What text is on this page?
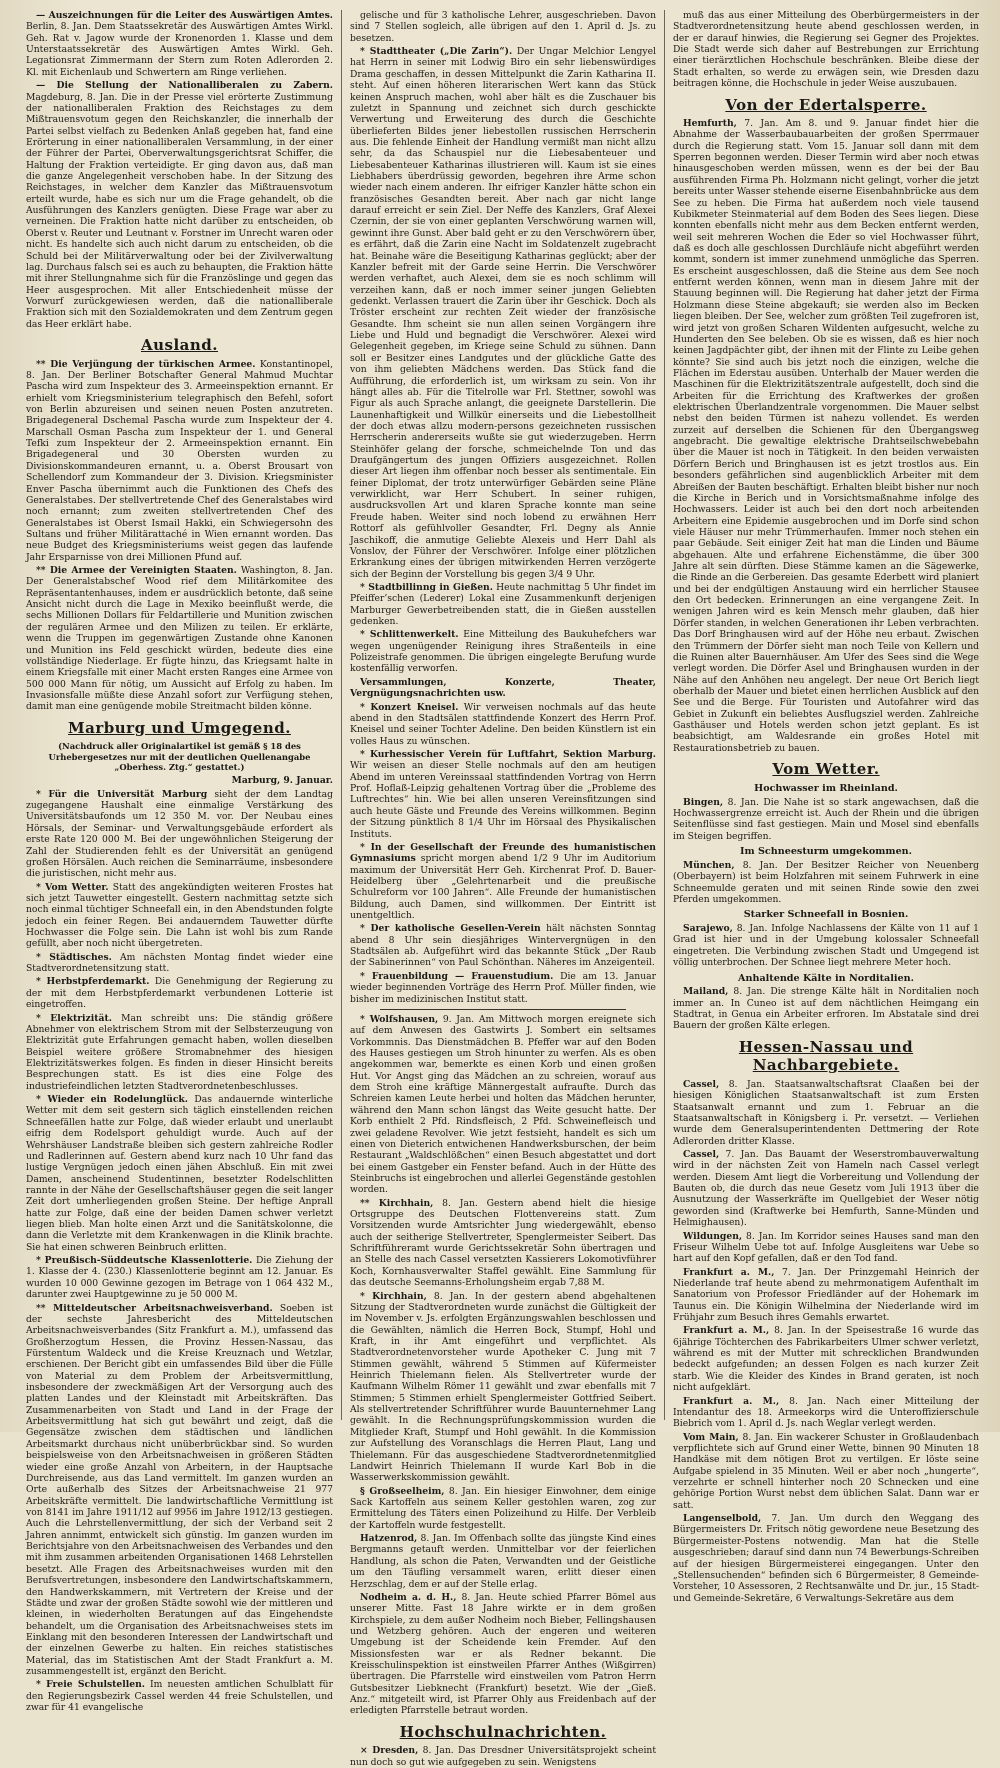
— Auszeichnungen für die Leiter des Auswärtigen Amtes. Berlin, 8. Jan. Dem Staatssekretär des Auswärtigen Amtes Wirkl. Geh. Rat v. Jagow wurde der Kronenorden 1. Klasse und dem Unterstaatssekretär des Auswärtigen Amtes Wirkl. Geh. Legationsrat Zimmermann der Stern zum Roten Adlerorden 2. Kl. mit Eichenlaub und Schwertern am Ringe verliehen.

— Die Stellung der Nationalliberalen zu Zabern. Magdeburg, 8. Jan. Die in der Presse viel erörterte Zustimmung der nationalliberalen Fraktion des Reichstages zu dem Mißtrauensvotum gegen den Reichskanzler, die innerhalb der Partei selbst vielfach zu Bedenken Anlaß gegeben hat, fand eine Erörterung in einer nationalliberalen Versammlung, in der einer der Führer der Partei, Oberverwaltungsgerichtsrat Schiffer, die Haltung der Fraktion verteidigte. Er ging davon aus, daß man die ganze Angelegenheit verschoben habe. In der Sitzung des Reichstages, in welcher dem Kanzler das Mißtrauensvotum erteilt wurde, habe es sich nur um die Frage gehandelt, ob die Ausführungen des Kanzlers genügten. Diese Frage war aber zu verneinen. Die Fraktion hatte nicht darüber zu entscheiden, ob Oberst v. Reuter und Leutnant v. Forstner im Unrecht waren oder nicht. Es handelte sich auch nicht darum zu entscheiden, ob die Schuld bei der Militärverwaltung oder bei der Zivilverwaltung lag. Durchaus falsch sei es auch zu behaupten, die Fraktion hätte mit ihrer Stellungnahme sich für die Französlinge und gegen das Heer ausgesprochen. Mit aller Entschiedenheit müsse der Vorwurf zurückgewiesen werden, daß die nationalliberale Fraktion sich mit den Sozialdemokraten und dem Zentrum gegen das Heer erklärt habe.

Ausland.

** Die Verjüngung der türkischen Armee. Konstantinopel, 8. Jan. Der Berliner Botschafter General Mahmud Muchtar Pascha wird zum Inspekteur des 3. Armeeinspektion ernannt. Er erhielt vom Kriegsministerium telegraphisch den Befehl, sofort von Berlin abzureisen und seinen neuen Posten anzutreten. Brigadegeneral Dschemal Pascha wurde zum Inspekteur der 4. Marschall Osman Pascha zum Inspekteur der 1. und General Tefki zum Inspekteur der 2. Armeeinspektion ernannt. Ein Brigadegeneral und 30 Obersten wurden zu Divisionskommandeuren ernannt, u. a. Oberst Brousart von Schellendorf zum Kommandeur der 3. Division. Kriegsminister Enver Pascha übernimmt auch die Funktionen des Chefs des Generalstabes. Der stellvertretende Chef des Generalstabes wird noch ernannt; zum zweiten stellvertretenden Chef des Generalstabes ist Oberst Ismail Hakki, ein Schwiegersohn des Sultans und früher Militärattaché in Wien ernannt worden. Das neue Budget des Kriegsministeriums weist gegen das laufende Jahr Ersparnisse von drei Millionen Pfund auf.

** Die Armee der Vereinigten Staaten. Washington, 8. Jan. Der Generalstabschef Wood rief dem Militärkomitee des Repräsentantenhauses, indem er ausdrücklich betonte, daß seine Ansicht nicht durch die Lage in Mexiko beeinflußt werde, die sechs Millionen Dollars für Feldartillerie und Munition zwischen der regulären Armee und den Milizen zu teilen. Er erklärte, wenn die Truppen im gegenwärtigen Zustande ohne Kanonen und Munition ins Feld geschickt würden, bedeute dies eine vollständige Niederlage. Er fügte hinzu, das Kriegsamt halte in einem Kriegsfalle mit einer Macht ersten Ranges eine Armee von 500 000 Mann für nötig, um Aussicht auf Erfolg zu haben. Im Invasionsfalle müßte diese Anzahl sofort zur Verfügung stehen, damit man eine genügende mobile Streitmacht bilden könne.

Marburg und Umgegend.
(Nachdruck aller Originalartikel ist gemäß § 18 des Urhebergesetzes nur mit der deutlichen Quellenangabe „Oberhess. Ztg.“ gestattet.)
Marburg, 9. Januar.

* Für die Universität Marburg sieht der dem Landtag zugegangene Haushalt eine einmalige Verstärkung des Universitätsbaufonds um 12 350 M. vor. Der Neubau eines Hörsals, der Seminar- und Verwaltungsgebäude erfordert als erste Rate 120 000 M. Bei der ungewöhnlichen Steigerung der Zahl der Studierenden fehlt es der Universität an genügend großen Hörsälen. Auch reichen die Seminarräume, insbesondere die juristischen, nicht mehr aus.

* Vom Wetter. Statt des angekündigten weiteren Frostes hat sich jetzt Tauwetter eingestellt. Gestern nachmittag setzte sich noch einmal tüchtiger Schneefall ein, in den Abendstunden folgte jedoch ein feiner Regen. Bei andauerndem Tauwetter dürfte Hochwasser die Folge sein. Die Lahn ist wohl bis zum Rande gefüllt, aber noch nicht übergetreten.

* Städtisches. Am nächsten Montag findet wieder eine Stadtverordnetensitzung statt.

* Herbstpferdemarkt. Die Genehmigung der Regierung zu der mit dem Herbstpferdemarkt verbundenen Lotterie ist eingetroffen.

* Elektrizität. Man schreibt uns: Die ständig größere Abnehmer von elektrischem Strom mit der Selbsterzeugung von Elektrizität gute Erfahrungen gemacht haben, wollen dieselben Beispiel weitere größere Stromabnehmer des hiesigen Elektrizitätswerkes folgen. Es finden in dieser Hinsicht bereits Besprechungen statt. Es ist dies eine Folge des industriefeindlichen letzten Stadtverordnetenbeschlusses.

* Wieder ein Rodelunglück. Das andauernde winterliche Wetter mit dem seit gestern sich täglich einstellenden reichen Schneefällen hatte zur Folge, daß wieder erlaubt und unerlaubt eifrig dem Rodelsport gehuldigt wurde. Auch auf der Wehrshäuser Landstraße bleiben sich gestern zahlreiche Rodler und Radlerinnen auf. Gestern abend kurz nach 10 Uhr fand das lustige Vergnügen jedoch einen jähen Abschluß. Ein mit zwei Damen, anscheinend Studentinnen, besetzter Rodelschlitten rannte in der Nähe der Gesellschaftshäuser gegen die seit langer Zeit dort umherliegenden großen Steine. Der heftige Anprall hatte zur Folge, daß eine der beiden Damen schwer verletzt liegen blieb. Man holte einen Arzt und die Sanitätskolonne, die dann die Verletzte mit dem Krankenwagen in die Klinik brachte. Sie hat einen schweren Beinbruch erlitten.

* Preußisch-Süddeutsche Klassenlotterie. Die Ziehung der 1. Klasse der 4. (230.) Klassenlotterie beginnt am 12. Januar. Es wurden 10 000 Gewinne gezogen im Betrage von 1 064 432 M., darunter zwei Hauptgewinne zu je 50 000 M.

** Mitteldeutscher Arbeitsnachweisverband. Soeben ist der sechste Jahresbericht des Mitteldeutschen Arbeitsnachweisverbandes (Sitz Frankfurt a. M.), umfassend das Großherzogtum Hessen, die Provinz Hessen-Nassau, das Fürstentum Waldeck und die Kreise Kreuznach und Wetzlar, erschienen. Der Bericht gibt ein umfassendes Bild über die Fülle von Material zu dem Problem der Arbeitsvermittlung, insbesondere der zweckmäßigen Art der Versorgung auch des platten Landes und der Kleinstadt mit Arbeitskräften. Das Zusammenarbeiten von Stadt und Land in der Frage der Arbeitsvermittlung hat sich gut bewährt und zeigt, daß die Gegensätze zwischen dem städtischen und ländlichen Arbeitsmarkt durchaus nicht unüberbrückbar sind. So wurden beispielsweise von den Arbeitsnachweisen in größeren Städten wieder eine große Anzahl von Arbeitern, in der Hauptsache Durchreisende, aus das Land vermittelt. Im ganzen wurden an Orte außerhalb des Sitzes der Arbeitsnachweise 21 977 Arbeitskräfte vermittelt. Die landwirtschaftliche Vermittlung ist von 8141 im Jahre 1911/12 auf 9956 im Jahre 1912/13 gestiegen. Auch die Lehrstellenvermittlung, der sich der Verband seit 2 Jahren annimmt, entwickelt sich günstig. Im ganzen wurden im Berichtsjahre von den Arbeitsnachweisen des Verbandes und den mit ihm zusammen arbeitenden Organisationen 1468 Lehrstellen besetzt. Alle Fragen des Arbeitsnachweises wurden mit den Berufsvertretungen, insbesondere den Landwirtschaftskammern, den Handwerkskammern, mit Vertretern der Kreise und der Städte und zwar der großen Städte sowohl wie der mittleren und kleinen, in wiederholten Beratungen auf das Eingehendste behandelt, um die Organisation des Arbeitsnachweises stets im Einklang mit den besonderen Interessen der Landwirtschaft und der einzelnen Gewerbe zu halten. Ein reiches statistisches Material, das im Statistischen Amt der Stadt Frankfurt a. M. zusammengestellt ist, ergänzt den Bericht.

* Freie Schulstellen. Im neuesten amtlichen Schulblatt für den Regierungsbezirk Cassel werden 44 freie Schulstellen, und zwar für 41 evangelische

gelische und für 3 katholische Lehrer, ausgeschrieben. Davon sind 7 Stellen sogleich, alle übrigen auf den 1. April d. Js. zu besetzen.

* Stadttheater („Die Zarin“). Der Ungar Melchior Lengyel hat Herrn in seiner mit Lodwig Biro ein sehr liebenswürdiges Drama geschaffen, in dessen Mittelpunkt die Zarin Katharina II. steht. Auf einen höheren literarischen Wert kann das Stück keinen Anspruch machen, wohl aber hält es die Zuschauer bis zuletzt in Spannung und zeichnet sich durch geschickte Verwertung und Erweiterung des durch die Geschichte überlieferten Bildes jener liebestollen russischen Herrscherin aus. Die fehlende Einheit der Handlung vermißt man nicht allzu sehr, da das Schauspiel nur die Liebesabenteuer und Liebesabenteuer Katharinas illustrieren will. Kaum ist sie eines Liebhabers überdrüssig geworden, begehren ihre Arme schon wieder nach einem anderen. Ihr eifriger Kanzler hätte schon ein französisches Gesandten bereit. Aber nach gar nicht lange darauf erreicht er sein Ziel. Der Neffe des Kanzlers, Graf Alexei Czernin, der sie von einer geplanten Verschwörung warnen will, gewinnt ihre Gunst. Aber bald geht er zu den Verschwörern über, es erfährt, daß die Zarin eine Nacht im Soldatenzelt zugebracht hat. Beinahe wäre die Beseitigung Katharinas geglückt; aber der Kanzler befreit mit der Garde seine Herrin. Die Verschwörer werden verhaftet, auch Alexei, dem sie es noch schlimm will verzeihen kann, daß er noch immer seiner jungen Geliebten gedenkt. Verlassen trauert die Zarin über ihr Geschick. Doch als Tröster erscheint zur rechten Zeit wieder der französische Gesandte. Ihm scheint sie nun allen seinen Vorgängern ihre Liebe und Huld und begnadigt die Verschwörer. Alexei wird Gelegenheit gegeben, im Kriege seine Schuld zu sühnen. Dann soll er Besitzer eines Landgutes und der glückliche Gatte des von ihm geliebten Mädchens werden. Das Stück fand die Aufführung, die erforderlich ist, um wirksam zu sein. Von ihr hängt alles ab. Für die Titelrolle war Frl. Stettner, sowohl was Figur als auch Sprache anlangt, die geeignete Darstellerin. Die Launenhaftigkeit und Willkür einerseits und die Liebestollheit der doch etwas allzu modern-persons gezeichneten russischen Herrscherin andererseits wußte sie gut wiederzugeben. Herrn Steinhöfer gelang der forsche, schmeichelnde Ton und das Draufgängertum des jungen Offiziers ausgezeichnet. Rollen dieser Art liegen ihm offenbar noch besser als sentimentale. Ein feiner Diplomat, der trotz unterwürfiger Gebärden seine Pläne verwirklicht, war Herr Schubert. In seiner ruhigen, ausdrucksvollen Art und klaren Sprache konnte man seine Freude haben. Weiter sind noch lobend zu erwähnen Herr Rottorf als gefühlvoller Gesandter, Frl. Degny als Annie Jaschikoff, die anmutige Geliebte Alexeis und Herr Dahl als Vonslov, der Führer der Verschwörer. Infolge einer plötzlichen Erkrankung eines der übrigen mitwirkenden Herren verzögerte sich der Beginn der Vorstellung bis gegen 3/4 9 Uhr.

* Stadtbillinng in Gießen. Heute nachmittag 5 Uhr findet im Pfeiffer’schen (Lederer) Lokal eine Zusammenkunft derjenigen Marburger Gewerbetreibenden statt, die in Gießen ausstellen gedenken.

* Schlittenwerkelt. Eine Mitteilung des Baukuhefchers war wegen ungenügender Reinigung ihres Straßenteils in eine Polizeistrafe genommen. Die übrigen eingelegte Berufung wurde kostenfällig verworfen.

Versammlungen, Konzerte, Theater, Vergnügungsnachrichten usw.

* Konzert Kneisel. Wir verweisen nochmals auf das heute abend in den Stadtsälen stattfindende Konzert des Herrn Prof. Kneisel und seiner Tochter Adeline. Den beiden Künstlern ist ein volles Haus zu wünschen.

* Kurhessischer Verein für Luftfahrt, Sektion Marburg. Wir weisen an dieser Stelle nochmals auf den am heutigen Abend im unteren Vereinssaal stattfindenden Vortrag von Herrn Prof. Hoflaß-Leipzig gehaltenen Vortrag über die „Probleme des Luftrechtes“ hin. Wie bei allen unseren Vereinsfitzungen sind auch heute Gäste und Freunde des Vereins willkommen. Beginn der Sitzung pünktlich 8 1/4 Uhr im Hörsaal des Physikalischen Instituts.

* In der Gesellschaft der Freunde des humanistischen Gymnasiums spricht morgen abend 1/2 9 Uhr im Auditorium maximum der Universität Herr Geh. Kirchenrat Prof. D. Bauer-Heidelberg über „Gelehrtenarbeit und die preußische Schulreform vor 100 Jahren“. Alle Freunde der humanistischen Bildung, auch Damen, sind willkommen. Der Eintritt ist unentgeltlich.

* Der katholische Gesellen-Verein hält nächsten Sonntag abend 8 Uhr sein diesjähriges Wintervergnügen in den Stadtsälen ab. Aufgeführt wird das bekannte Stück „Der Raub der Sabinerinnen“ von Paul Schönthan. Näheres im Anzeigenteil.

* Frauenbildung — Frauenstudium. Die am 13. Januar wieder beginnenden Vorträge des Herrn Prof. Müller finden, wie bisher im medizinischen Institut statt.

* Wolfshausen, 9. Jan. Am Mittwoch morgen ereignete sich auf dem Anwesen des Gastwirts J. Sombert ein seltsames Vorkommnis. Das Dienstmädchen B. Pfeffer war auf den Boden des Hauses gestiegen um Stroh hinunter zu werfen. Als es oben angekommen war, bemerkte es einen Korb und einen großen Hut. Vor Angst ging das Mädchen an zu schreien, worauf aus dem Stroh eine kräftige Männergestalt aufraufte. Durch das Schreien kamen Leute herbei und holten das Mädchen herunter, während den Mann schon längst das Weite gesucht hatte. Der Korb enthielt 2 Pfd. Rindsfleisch, 2 Pfd. Schweinefleisch und zwei geladene Revolver. Wie jetzt festsieht, handelt es sich um einen von Dieterich entwichenen Handwerksburschen, der beim Restaurant „Waldschlößchen“ einen Besuch abgestattet und dort bei einem Gastgeber ein Fenster befand. Auch in der Hütte des Steinbruchs ist eingebrochen und allerlei Gegenstände gestohlen worden.

** Kirchhain, 8. Jan. Gestern abend hielt die hiesige Ortsgruppe des Deutschen Flottenvereins statt. Zum Vorsitzenden wurde Amtsrichter Jung wiedergewählt, ebenso auch der seitherige Stellvertreter, Spenglermeister Seibert. Das Schriftführeramt wurde Gerichtssekretär Sohn übertragen und an Stelle des nach Cassel versetzten Kassierers Lokomotivführer Koch, Kornhausverwalter Staffel gewählt. Eine Sammlung für das deutsche Seemanns-Erholungsheim ergab 7,88 M.

* Kirchhain, 8. Jan. In der gestern abend abgehaltenen Sitzung der Stadtverordneten wurde zunächst die Gültigkeit der im November v. Js. erfolgten Ergänzungswahlen beschlossen und die Gewählten, nämlich die Herren Bock, Stumpf, Hohl und Kraft, in ihr Amt eingeführt und verpflichtet. Als Stadtverordnetenvorsteher wurde Apotheker C. Jung mit 7 Stimmen gewählt, während 5 Stimmen auf Küfermeister Heinrich Thielemann fielen. Als Stellvertreter wurde der Kaufmann Wilhelm Römer 11 gewählt und zwar ebenfalls mit 7 Stimmen; 5 Stimmen erhielt Spenglermeister Gottfried Seibert. Als stellvertretender Schriftführer wurde Bauunternehmer Lang gewählt. In die Rechnungsprüfungskommission wurden die Mitglieder Kraft, Stumpf und Hohl gewählt. In die Kommission zur Aufstellung des Voranschlags die Herren Plaut, Lang und Thielemann. Für das ausgeschiedene Stadtverordnetenmitglied Landwirt Heinrich Thielemann II wurde Karl Bob in die Wasserwerkskommission gewählt.

§ Großseelheim, 8. Jan. Ein hiesiger Einwohner, dem einige Sack Kartoffeln aus seinem Keller gestohlen waren, zog zur Ermittelung des Täters einen Polizeihund zu Hilfe. Der Verbleib der Kartoffeln wurde festgestellt.

Hatzenrod, 8. Jan. Im Offenbach sollte das jüngste Kind eines Bergmanns getauft werden. Unmittelbar vor der feierlichen Handlung, als schon die Paten, Verwandten und der Geistliche um den Täufling versammelt waren, erlitt dieser einen Herzschlag, dem er auf der Stelle erlag.

Nodheim a. d. H., 8. Jan. Heute schied Pfarrer Bömel aus unserer Mitte. Fast 18 Jahre wirkte er in dem großen Kirchspiele, zu dem außer Nodheim noch Bieber, Fellingshausen und Wetzberg gehören. Auch der engeren und weiteren Umgebung ist der Scheidende kein Fremder. Auf den Missionsfesten war er als Redner bekannt. Die Kreisschulinspektion ist einstweilen Pfarrer Anthes (Wißgirren) übertragen. Die Pfarrstelle wird einstweilen vom Patron Herrn Gutsbesitzer Liebknecht (Frankfurt) besetzt. Wie der „Gieß. Anz.“ mitgeteilt wird, ist Pfarrer Ohly aus Freidenbach auf der erledigten Pfarrstelle betraut worden.

Hochschulnachrichten.

× Dresden, 8. Jan. Das Dresdner Universitätsprojekt scheint nun doch so gut wie aufgegeben zu sein. Wenigstens

muß das aus einer Mitteilung des Oberbürgermeisters in der Stadtverordnetensitzung heute abend geschlossen werden, in der er darauf hinwies, die Regierung sei Gegner des Projektes. Die Stadt werde sich daher auf Bestrebungen zur Errichtung einer tierärztlichen Hochschule beschränken. Bleibe diese der Stadt erhalten, so werde zu erwägen sein, wie Dresden dazu beitragen könne, die Hochschule in jeder Weise auszubauen.

Von der Edertalsperre.

Hemfurth, 7. Jan. Am 8. und 9. Januar findet hier die Abnahme der Wasserbaubauarbeiten der großen Sperrmauer durch die Regierung statt. Vom 15. Januar soll dann mit dem Sperren begonnen werden. Dieser Termin wird aber noch etwas hinausgeschoben werden müssen, wenn es der bei der Bau ausführenden Firma Ph. Holzmann nicht gelingt, vorher die jetzt bereits unter Wasser stehende eiserne Eisenbahnbrücke aus dem See zu heben. Die Firma hat außerdem noch viele tausend Kubikmeter Steinmaterial auf dem Boden des Sees liegen. Diese konnten ebenfalls nicht mehr aus dem Becken entfernt werden, weil seit mehreren Wochen die Eder so viel Hochwasser führt, daß es doch alle geschlossen Durchläufe nicht abgeführt werden kommt, sondern ist immer zunehmend unmögliche das Sperren. Es erscheint ausgeschlossen, daß die Steine aus dem See noch entfernt werden können, wenn man in diesem Jahre mit der Stauung beginnen will. Die Regierung hat daher jetzt der Firma Holzmann diese Steine abgekauft; sie werden also im Becken liegen bleiben. Der See, welcher zum größten Teil zugefroren ist, wird jetzt von großen Scharen Wildenten aufgesucht, welche zu Hunderten den See beleben. Ob sie es wissen, daß es hier noch keinen Jagdpächter gibt, der ihnen mit der Flinte zu Leibe gehen könnte? Sie sind auch bis jetzt noch die einzigen, welche die Flächen im Ederstau ausüben. Unterhalb der Mauer werden die Maschinen für die Elektrizitätszentrale aufgestellt, doch sind die Arbeiten für die Errichtung des Kraftwerkes der großen elektrischen Überlandzentrale vorgenommen. Die Mauer selbst nebst den beiden Türmen ist nahezu vollendet. Es werden zurzeit auf derselben die Schienen für den Übergangsweg angebracht. Die gewaltige elektrische Drahtseilschwebebahn über die Mauer ist noch in Tätigkeit. In den beiden verwaisten Dörfern Berich und Bringhausen ist es jetzt trostlos aus. Ein besonders gefährlichen sind augenblicklich Arbeiter mit dem Abreißen der Bauten beschäftigt. Erhalten bleibt bisher nur noch die Kirche in Berich und in Vorsichtsmaßnahme infolge des Hochwassers. Leider ist auch bei den dort noch arbeitenden Arbeitern eine Epidemie ausgebrochen und im Dorfe sind schon viele Häuser nur mehr Trümmerhaufen. Immer noch stehen ein paar Gebäude. Seit einiger Zeit hat man die Linden und Bäume abgehauen. Alte und erfahrene Eichenstämme, die über 300 Jahre alt sein dürften. Diese Stämme kamen an die Sägewerke, die Rinde an die Gerbereien. Das gesamte Ederbett wird planiert und bei der endgültigen Anstauung wird ein herrlicher Stausee den Ort bedecken. Erinnerungen an eine vergangene Zeit. In wenigen Jahren wird es kein Mensch mehr glauben, daß hier Dörfer standen, in welchen Generationen ihr Leben verbrachten. Das Dorf Bringhausen wird auf der Höhe neu erbaut. Zwischen den Trümmern der Dörfer sieht man noch Teile von Kellern und die Ruinen alter Bauernhäuser. Am Ufer des Sees sind die Wege verlegt worden. Die Dörfer Asel und Bringhausen wurden in der Nähe auf den Anhöhen neu angelegt. Der neue Ort Berich liegt oberhalb der Mauer und bietet einen herrlichen Ausblick auf den See und die Berge. Für Touristen und Autofahrer wird das Gebiet in Zukunft ein beliebtes Ausflugsziel werden. Zahlreiche Gasthäuser und Hotels werden schon jetzt geplant. Es ist beabsichtigt, am Waldesrande ein großes Hotel mit Restaurationsbetrieb zu bauen.

Vom Wetter.
Hochwasser im Rheinland.

Bingen, 8. Jan. Die Nahe ist so stark angewachsen, daß die Hochwassergrenze erreicht ist. Auch der Rhein und die übrigen Seitenflüsse sind fast gestiegen. Main und Mosel sind ebenfalls im Steigen begriffen.

Im Schneesturm umgekommen.

München, 8. Jan. Der Besitzer Reicher von Neuenberg (Oberbayern) ist beim Holzfahren mit seinem Fuhrwerk in eine Schneemulde geraten und mit seinen Rinde sowie den zwei Pferden umgekommen.

Starker Schneefall in Bosnien.

Sarajewo, 8. Jan. Infolge Nachlassens der Kälte von 11 auf 1 Grad ist hier und in der Umgebung kolossaler Schneefall eingetreten. Die Verbindung zwischen Stadt und Umgegend ist völlig unterbrochen. Der Schnee liegt mehrere Meter hoch.

Anhaltende Kälte in Norditalien.

Mailand, 8. Jan. Die strenge Kälte hält in Norditalien noch immer an. In Cuneo ist auf dem nächtlichen Heimgang ein Stadtrat, in Genua ein Arbeiter erfroren. Im Abstatale sind drei Bauern der großen Kälte erlegen.

Hessen-Nassau und Nachbargebiete.

Cassel, 8. Jan. Staatsanwaltschaftsrat Claaßen bei der hiesigen Königlichen Staatsanwaltschaft ist zum Ersten Staatsanwalt ernannt und zum 1. Februar an die Staatsanwaltschaft in Königsberg i. Pr. versetzt. — Verliehen wurde dem Generalsuperintendenten Dettmering der Rote Adlerorden dritter Klasse.

Cassel, 7. Jan. Das Bauamt der Weserstrombauverwaltung wird in der nächsten Zeit von Hameln nach Cassel verlegt werden. Diesem Amt liegt die Vorbereitung und Vollendung der Bauten ob, die durch das neue Gesetz vom Juli 1913 über die Ausnutzung der Wasserkräfte im Quellgebiet der Weser nötig geworden sind (Kraftwerke bei Hemfurth, Sanne-Münden und Helmighausen).

Wildungen, 8. Jan. Im Korridor seines Hauses sand man den Friseur Wilhelm Uebe tot auf. Infolge Ausgleitens war Uebe so hart auf den Kopf gefallen, daß er den Tod fand.

Frankfurt a. M., 7. Jan. Der Prinzgemahl Heinrich der Niederlande traf heute abend zu mehrmonatigem Aufenthalt im Sanatorium von Professor Friedländer auf der Hohemark im Taunus ein. Die Königin Wilhelmina der Niederlande wird im Frühjahr zum Besuch ihres Gemahls erwartet.

Frankfurt a. M., 8. Jan. In der Speisestraße 16 wurde das 6jährige Töchterchen des Fabrikarbeiters Ulmer schwer verletzt, während es mit der Mutter mit schrecklichen Brandwunden bedeckt aufgefunden; an dessen Folgen es nach kurzer Zeit starb. Wie die Kleider des Kindes in Brand geraten, ist noch nicht aufgeklärt.

Frankfurt a. M., 8. Jan. Nach einer Mitteilung der Intendantur des 18. Armeekorps wird die Unteroffizierschule Biebrich vom 1. April d. Js. nach Weglar verlegt werden.

Vom Main, 8. Jan. Ein wackerer Schuster in Großlaudenbach verpflichtete sich auf Grund einer Wette, binnen 90 Minuten 18 Handkäse mit dem nötigen Brot zu vertilgen. Er löste seine Aufgabe spielend in 35 Minuten. Weil er aber noch „hungerte“, verzehrte er schnell hinterher noch 20 Schnecken und eine gehörige Portion Wurst nebst dem üblichen Salat. Dann war er satt.

Langenselbold, 7. Jan. Um durch den Weggang des Bürgermeisters Dr. Fritsch nötig gewordene neue Besetzung des Bürgermeister-Postens notwendig. Man hat die Stelle ausgeschrieben; darauf sind dann nun 74 Bewerbungs-Schreiben auf der hiesigen Bürgermeisterei eingegangen. Unter den „Stellensuchenden“ befinden sich 6 Bürgermeister, 8 Gemeinde-Vorsteher, 10 Assessoren, 2 Rechtsanwälte und Dr. jur., 15 Stadt- und Gemeinde-Sekretäre, 6 Verwaltungs-Sekretäre aus dem
